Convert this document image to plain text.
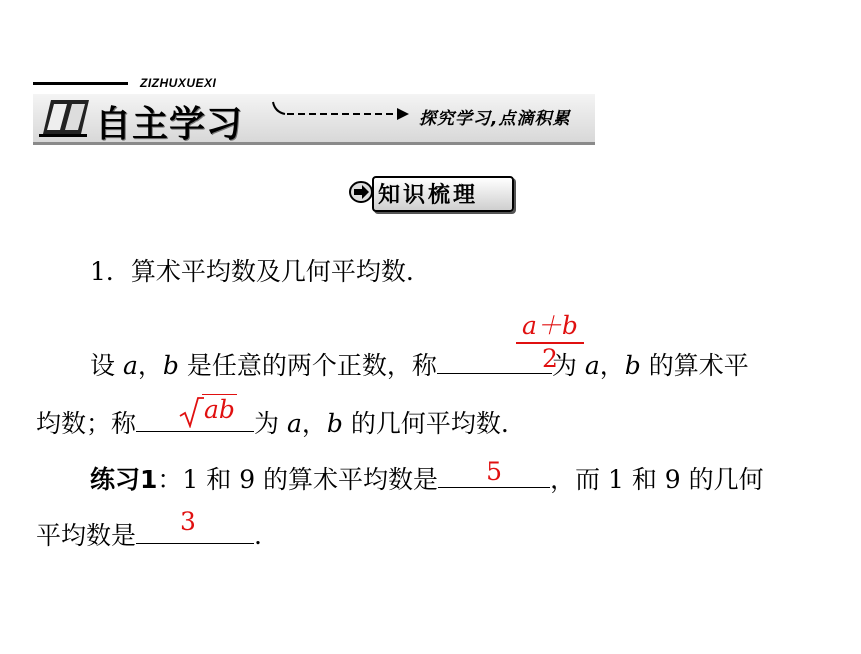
ZIZHUXUEXI
自主学习	探究学习,点滴积累
知识梳理
1．算术平均数及几何平均数.
设 a，b 是任意的两个正数，称	为 a，b 的算术平
a＋b
2
均数；称	为 a，b 的几何平均数.
ab
练习1：1 和 9 的算术平均数是	5	，而 1 和 9 的几何
平均数是	3	.
